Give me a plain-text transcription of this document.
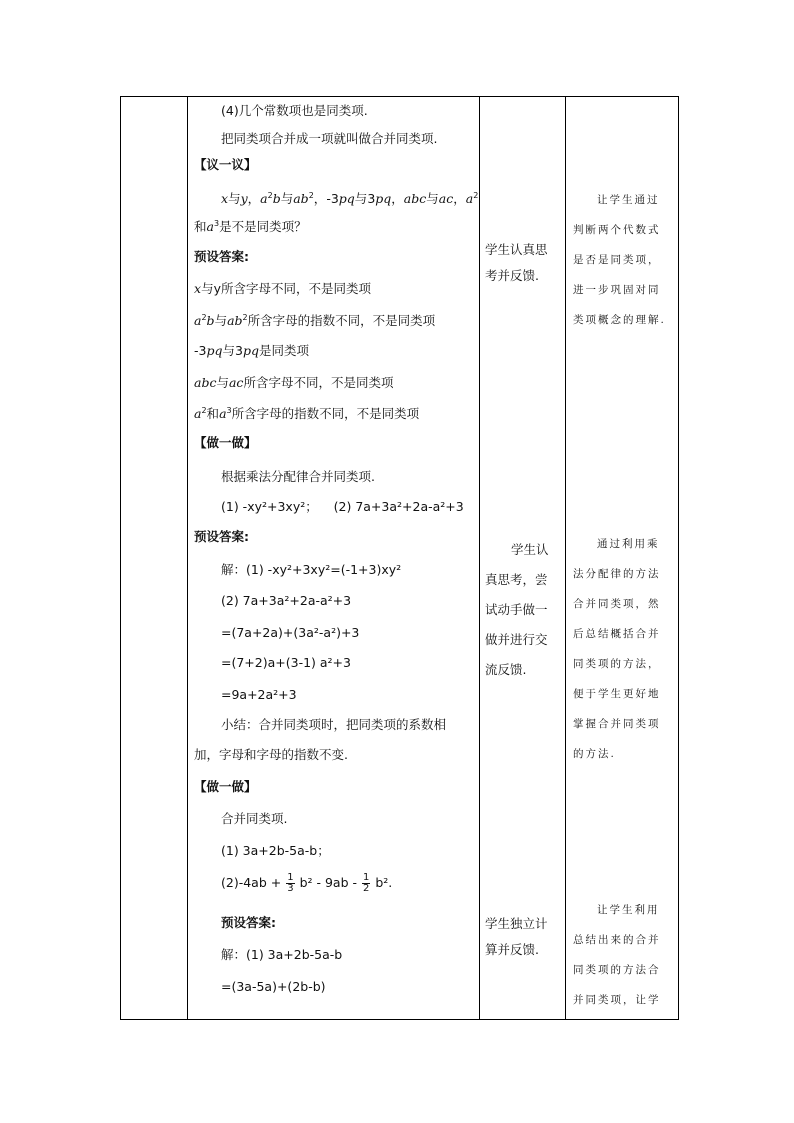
(4)几个常数项也是同类项.
把同类项合并成一项就叫做合并同类项.
【议一议】
x与y，$a^2b$与$ab^2$，-3pq与3pq，abc与ac，$a^2$
和$a^3$是不是同类项？
预设答案:
x与y所含字母不同，不是同类项
$a^2b$与$ab^2$所含字母的指数不同，不是同类项
-3pq与3pq是同类项
abc与ac所含字母不同，不是同类项
$a^2$和$a^3$所含字母的指数不同，不是同类项
【做一做】
根据乘法分配律合并同类项.
(1) -xy²+3xy²； (2) 7a+3a²+2a-a²+3
预设答案:
解：(1) -xy²+3xy²=(-1+3)xy²
(2) 7a+3a²+2a-a²+3
=(7a+2a)+(3a²-a²)+3
=(7+2)a+(3-1) a²+3
=9a+2a²+3
小结：合并同类项时，把同类项的系数相
加，字母和字母的指数不变.
【做一做】
合并同类项.
(1) 3a+2b-5a-b；
$(2)-4ab + \frac{1}{3} b^2 - 9ab - \frac{1}{2} b^2$.
预设答案:
解：(1) 3a+2b-5a-b
=(3a-5a)+(2b-b)
学生认真思
考并反馈.
学生认
真思考，尝
试动手做一
做并进行交
流反馈.
学生独立计
算并反馈.
让学生通过
判断两个代数式
是否是同类项，
进一步巩固对同
类项概念的理解.
通过利用乘
法分配律的方法
合并同类项，然
后总结概括合并
同类项的方法，
便于学生更好地
掌握合并同类项
的方法.
让学生利用
总结出来的合并
同类项的方法合
并同类项，让学
